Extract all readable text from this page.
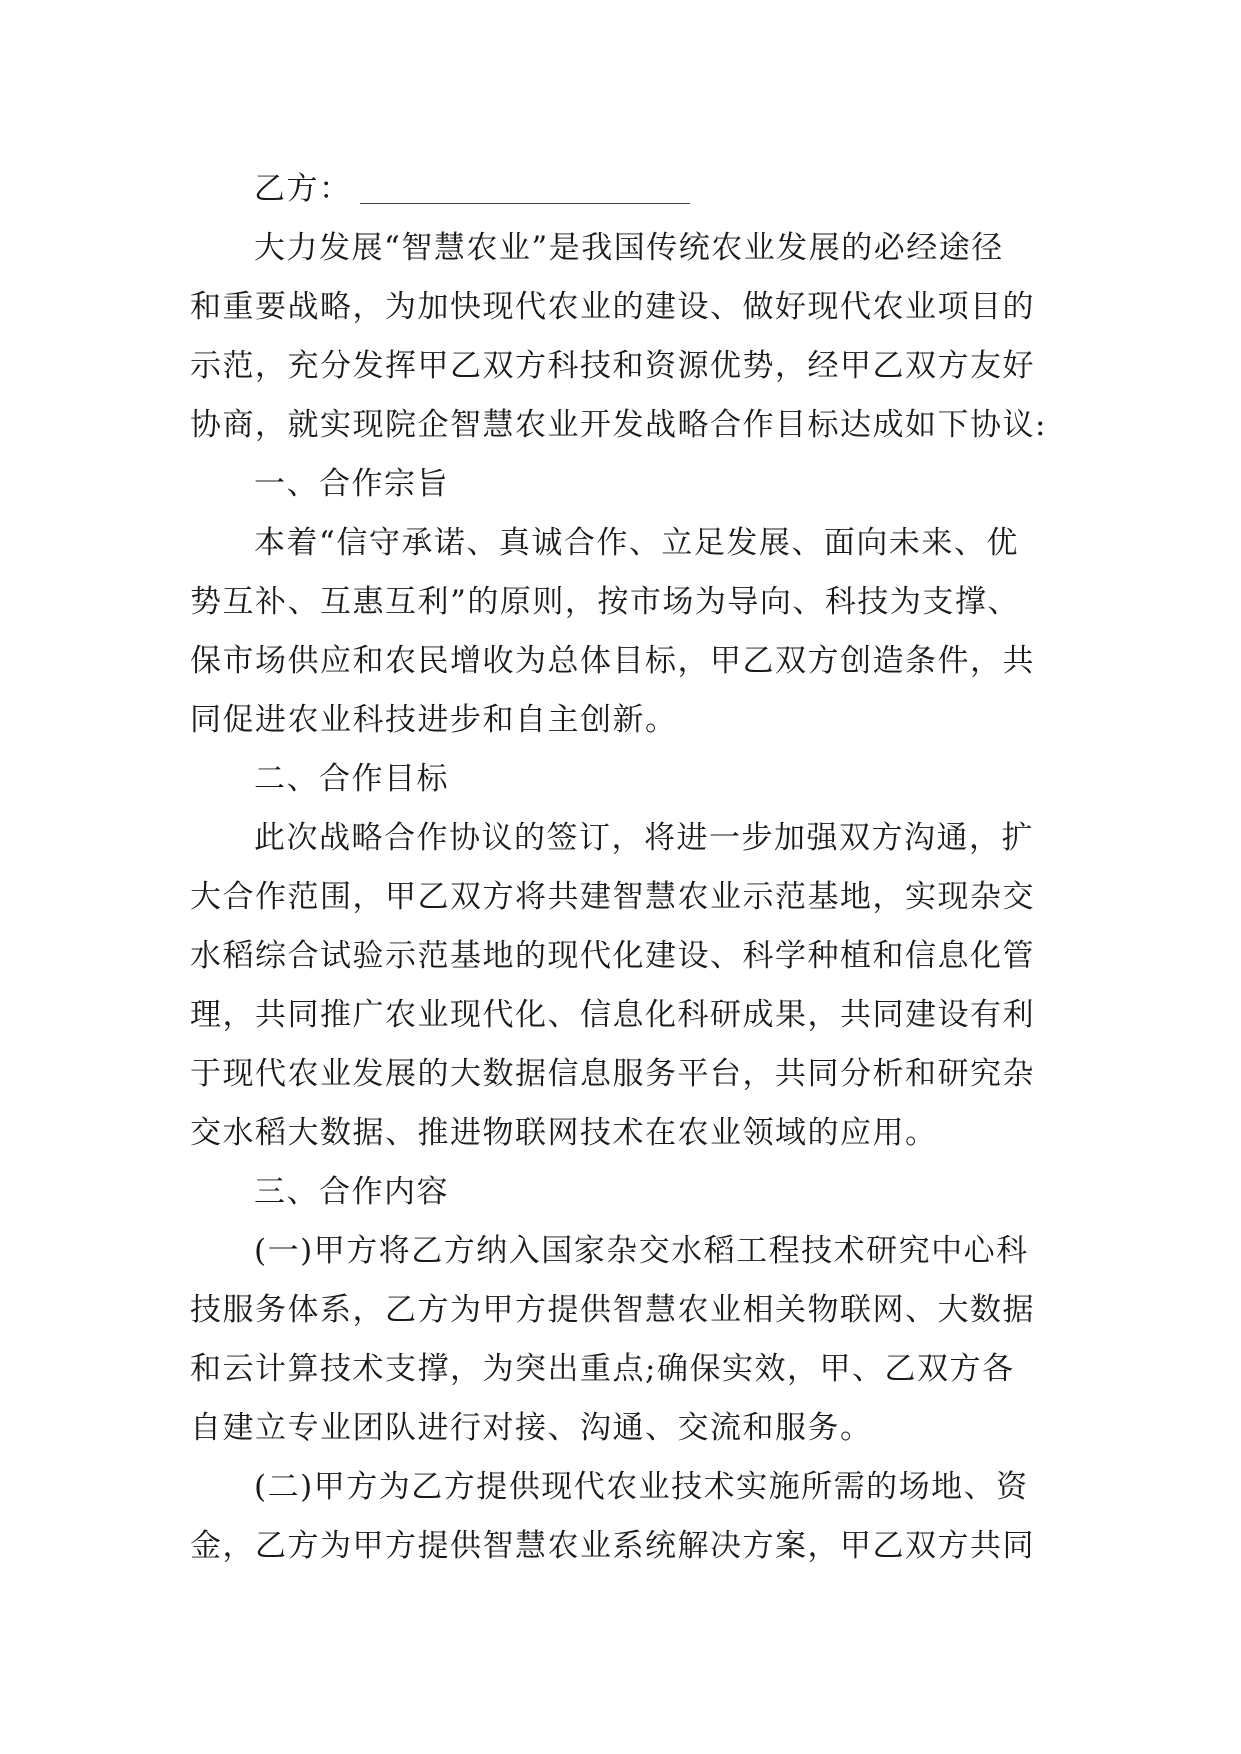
乙方：
大力发展“智慧农业”是我国传统农业发展的必经途径
和重要战略，为加快现代农业的建设、做好现代农业项目的
示范，充分发挥甲乙双方科技和资源优势，经甲乙双方友好
协商，就实现院企智慧农业开发战略合作目标达成如下协议:
一、合作宗旨
本着“信守承诺、真诚合作、立足发展、面向未来、优
势互补、互惠互利”的原则，按市场为导向、科技为支撑、
保市场供应和农民增收为总体目标，甲乙双方创造条件，共
同促进农业科技进步和自主创新。
二、合作目标
此次战略合作协议的签订，将进一步加强双方沟通，扩
大合作范围，甲乙双方将共建智慧农业示范基地，实现杂交
水稻综合试验示范基地的现代化建设、科学种植和信息化管
理，共同推广农业现代化、信息化科研成果，共同建设有利
于现代农业发展的大数据信息服务平台，共同分析和研究杂
交水稻大数据、推进物联网技术在农业领域的应用。
三、合作内容
(一)甲方将乙方纳入国家杂交水稻工程技术研究中心科
技服务体系，乙方为甲方提供智慧农业相关物联网、大数据
和云计算技术支撑，为突出重点;确保实效，甲、乙双方各
自建立专业团队进行对接、沟通、交流和服务。
(二)甲方为乙方提供现代农业技术实施所需的场地、资
金，乙方为甲方提供智慧农业系统解决方案，甲乙双方共同
